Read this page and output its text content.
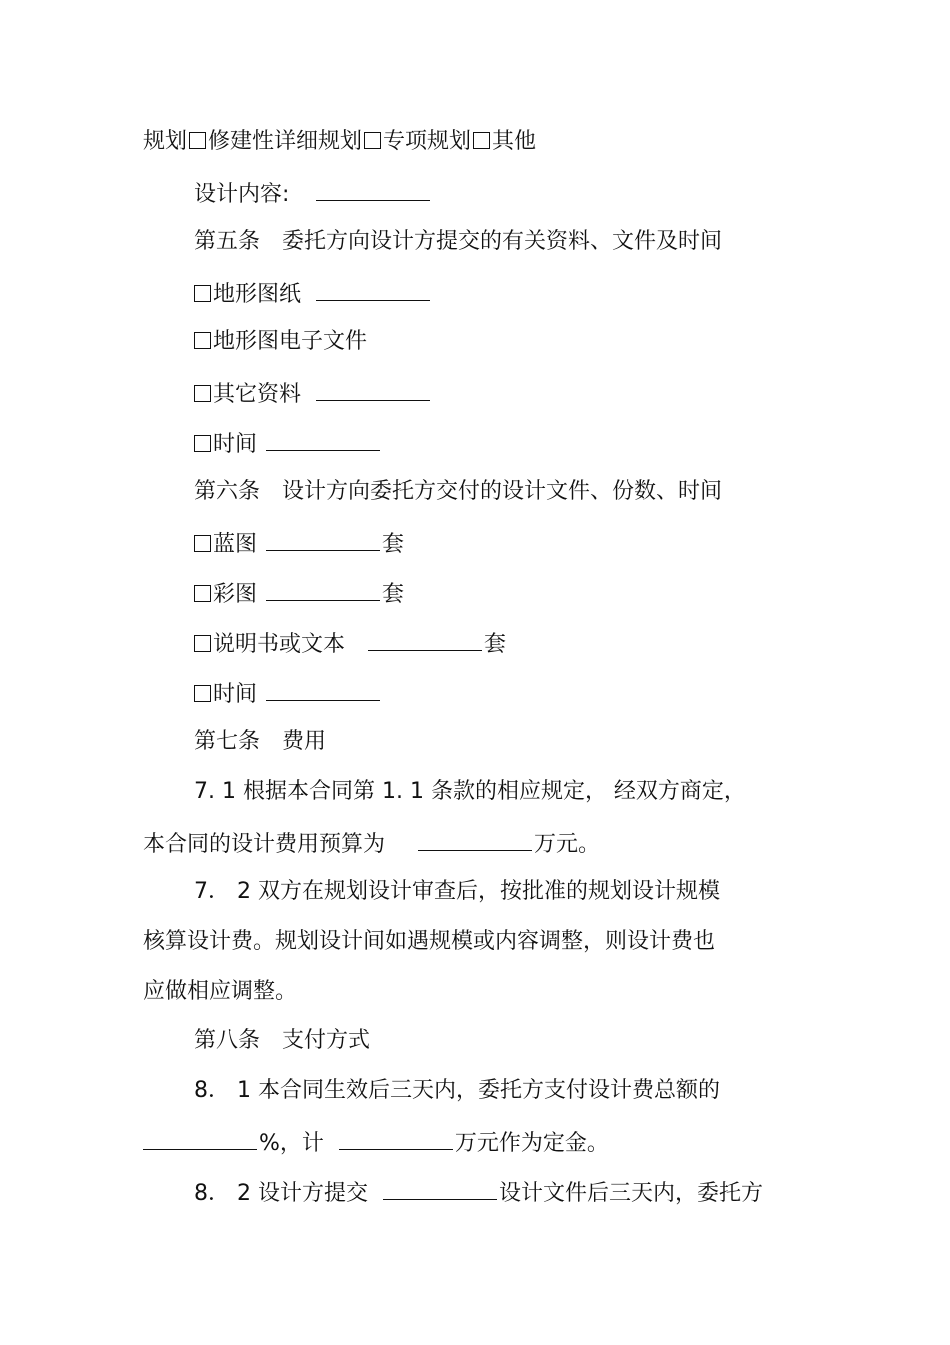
规划 修建性详细规划 专项规划 其他
设计内容:
第五条　委托方向设计方提交的有关资料、文件及时间
地形图纸
地形图电子文件
其它资料
时间
第六条　设计方向委托方交付的设计文件、份数、时间
蓝图	套
彩图	套
说明书或文本	套
时间
第七条　费用
7. 1 根据本合同第 1. 1 条款的相应规定， 经双方商定，
本合同的设计费用预算为	万元。
7． 2 双方在规划设计审查后，按批准的规划设计规模
核算设计费。规划设计间如遇规模或内容调整，则设计费也
应做相应调整。
第八条　支付方式
8． 1 本合同生效后三天内，委托方支付设计费总额的
%，计	万元作为定金。
8． 2 设计方提交	设计文件后三天内，委托方
